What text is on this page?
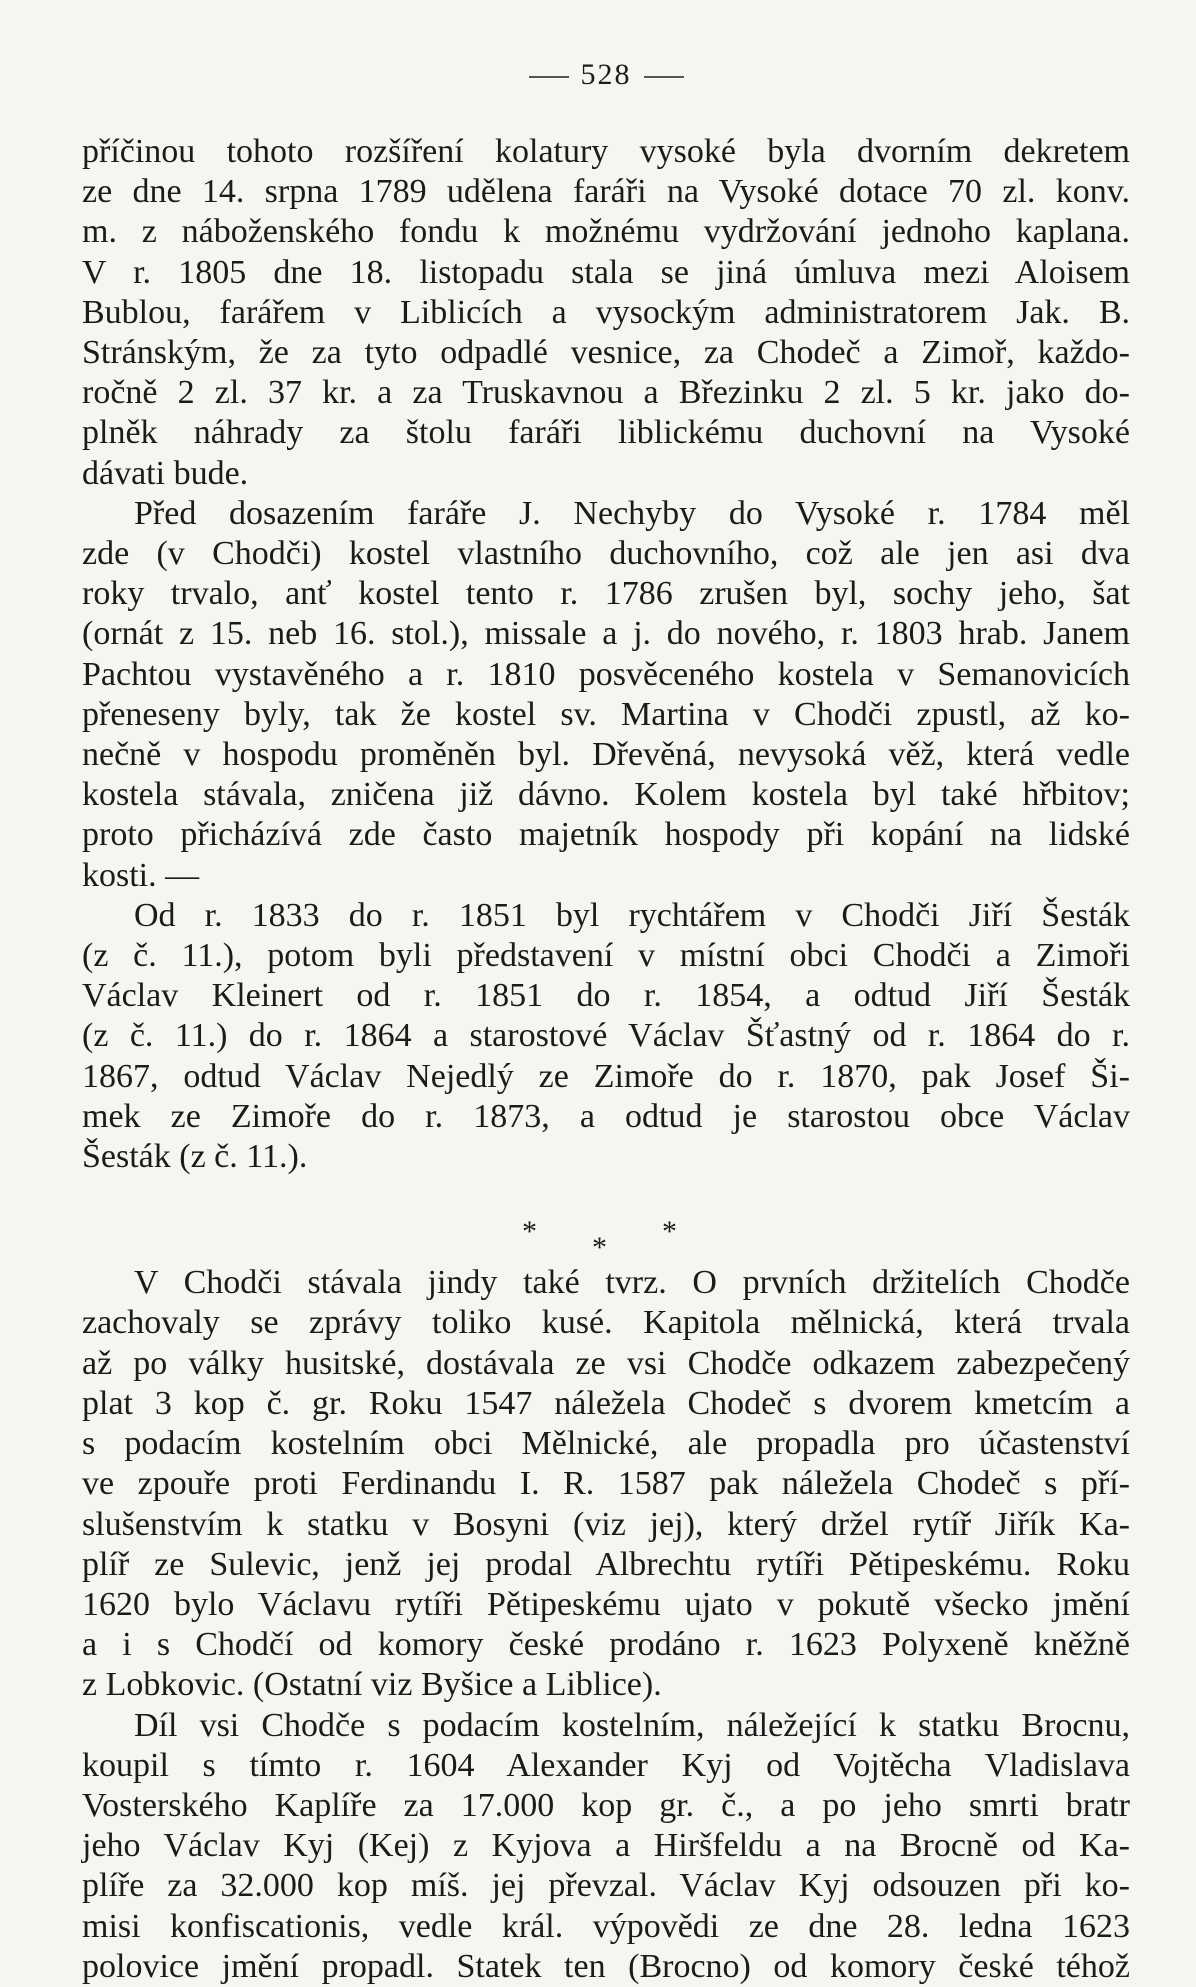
528
příčinou tohoto rozšíření kolatury vysoké byla dvorním dekretem
ze dne 14. srpna 1789 udělena faráři na Vysoké dotace 70 zl. konv.
m. z náboženského fondu k možnému vydržování jednoho kaplana.
V r. 1805 dne 18. listopadu stala se jiná úmluva mezi Aloisem
Bublou, farářem v Liblicích a vysockým administratorem Jak. B.
Stránským, že za tyto odpadlé vesnice, za Chodeč a Zimoř, každo-
ročně 2 zl. 37 kr. a za Truskavnou a Březinku 2 zl. 5 kr. jako do-
plněk náhrady za štolu faráři liblickému duchovní na Vysoké
dávati bude.
Před dosazením faráře J. Nechyby do Vysoké r. 1784 měl
zde (v Chodči) kostel vlastního duchovního, což ale jen asi dva
roky trvalo, anť kostel tento r. 1786 zrušen byl, sochy jeho, šat
(ornát z 15. neb 16. stol.), missale a j. do nového, r. 1803 hrab. Janem
Pachtou vystavěného a r. 1810 posvěceného kostela v Semanovicích
přeneseny byly, tak že kostel sv. Martina v Chodči zpustl, až ko-
nečně v hospodu proměněn byl. Dřevěná, nevysoká věž, která vedle
kostela stávala, zničena již dávno. Kolem kostela byl také hřbitov;
proto přicházívá zde často majetník hospody při kopání na lidské
kosti. —
Od r. 1833 do r. 1851 byl rychtářem v Chodči Jiří Šesták
(z č. 11.), potom byli představení v místní obci Chodči a Zimoři
Václav Kleinert od r. 1851 do r. 1854, a odtud Jiří Šesták
(z č. 11.) do r. 1864 a starostové Václav Šťastný od r. 1864 do r.
1867, odtud Václav Nejedlý ze Zimoře do r. 1870, pak Josef Ši-
mek ze Zimoře do r. 1873, a odtud je starostou obce Václav
Šesták (z č. 11.).
* * *
V Chodči stávala jindy také tvrz. O prvních držitelích Chodče
zachovaly se zprávy toliko kusé. Kapitola mělnická, která trvala
až po války husitské, dostávala ze vsi Chodče odkazem zabezpečený
plat 3 kop č. gr. Roku 1547 náležela Chodeč s dvorem kmetcím a
s podacím kostelním obci Mělnické, ale propadla pro účastenství
ve zpouře proti Ferdinandu I. R. 1587 pak náležela Chodeč s pří-
slušenstvím k statku v Bosyni (viz jej), který držel rytíř Jiřík Ka-
plíř ze Sulevic, jenž jej prodal Albrechtu rytíři Pětipeskému. Roku
1620 bylo Václavu rytíři Pětipeskému ujato v pokutě všecko jmění
a i s Chodčí od komory české prodáno r. 1623 Polyxeně kněžně
z Lobkovic. (Ostatní viz Byšice a Liblice).
Díl vsi Chodče s podacím kostelním, náležející k statku Brocnu,
koupil s tímto r. 1604 Alexander Kyj od Vojtěcha Vladislava
Vosterského Kaplíře za 17.000 kop gr. č., a po jeho smrti bratr
jeho Václav Kyj (Kej) z Kyjova a Hiršfeldu a na Brocně od Ka-
plíře za 32.000 kop míš. jej převzal. Václav Kyj odsouzen při ko-
misi konfiscationis, vedle král. výpovědi ze dne 28. ledna 1623
polovice jmění propadl. Statek ten (Brocno) od komory české téhož
